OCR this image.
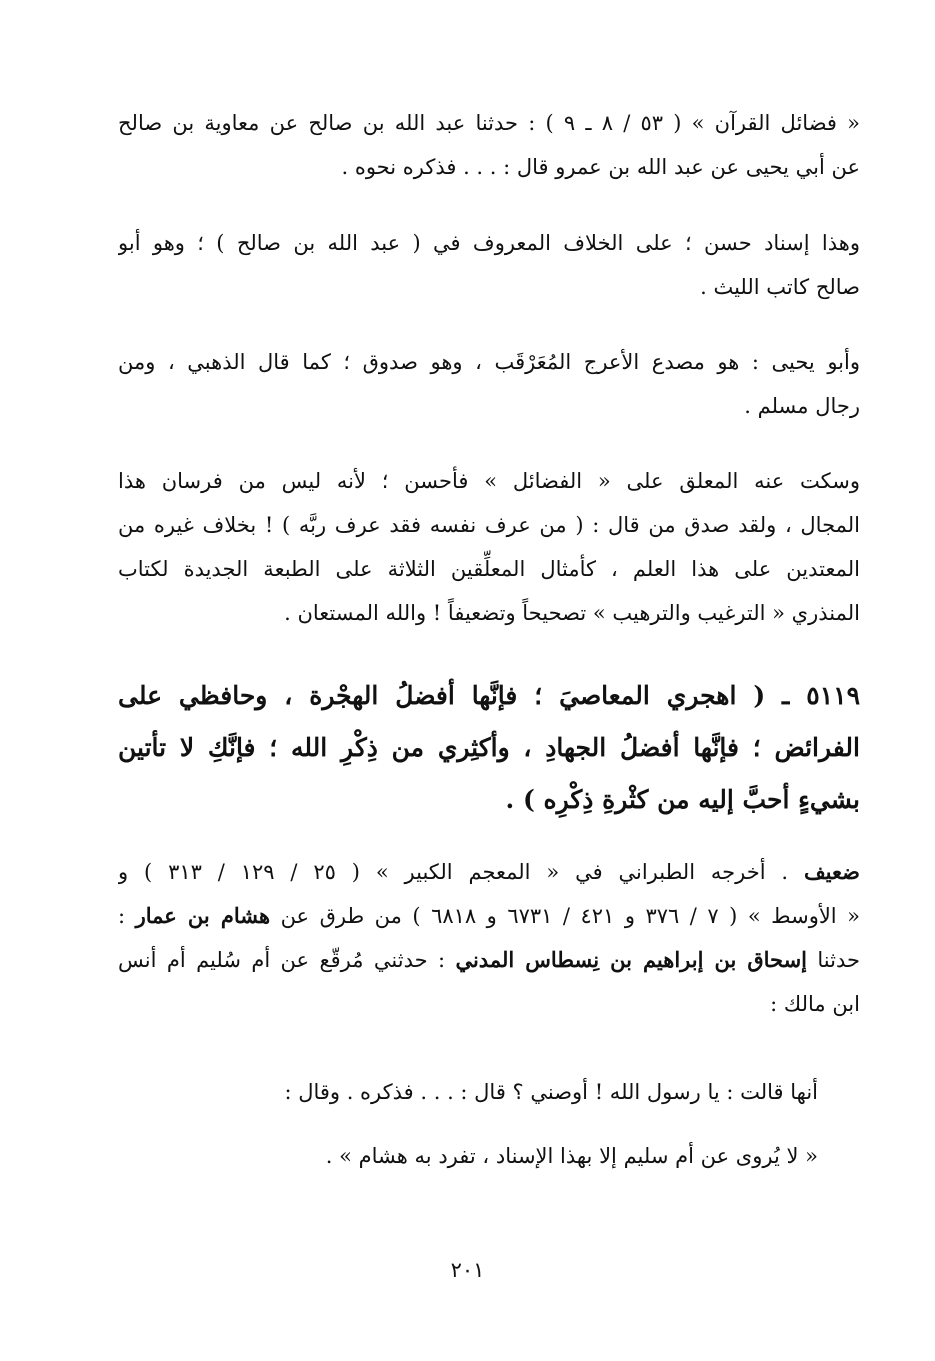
« فضائل القرآن » ( ٥٣ / ٨ ـ ٩ ) : حدثنا عبد الله بن صالح عن معاوية بن صالح
عن أبي يحيى عن عبد الله بن عمرو قال : . . . فذكره نحوه .
وهذا إسناد حسن ؛ على الخلاف المعروف في ( عبد الله بن صالح ) ؛ وهو أبو
صالح كاتب الليث .
وأبو يحيى : هو مصدع الأعرج المُعَرْقَب ، وهو صدوق ؛ كما قال الذهبي ، ومن
رجال مسلم .
وسكت عنه المعلق على « الفضائل » فأحسن ؛ لأنه ليس من فرسان هذا
المجال ، ولقد صدق من قال : ( من عرف نفسه فقد عرف ربَّه ) ! بخلاف غيره من
المعتدين على هذا العلم ، كأمثال المعلِّقين الثلاثة على الطبعة الجديدة لكتاب
المنذري « الترغيب والترهيب » تصحيحاً وتضعيفاً ! والله المستعان .
٥١١٩ ـ ( اهجري المعاصيَ ؛ فإنَّها أفضلُ الهجْرة ، وحافظي على
الفرائض ؛ فإنَّها أفضلُ الجهادِ ، وأكثِري من ذِكْرِ الله ؛ فإنَّكِ لا تأتين
بشيءٍ أحبَّ إليه من كثْرةِ ذِكْرِه ) .
ضعيف . أخرجه الطبراني في « المعجم الكبير » ( ٢٥ / ١٢٩ / ٣١٣ ) و
« الأوسط » ( ٧ / ٣٧٦ و ٤٢١ / ٦٧٣١ و ٦٨١٨ ) من طرق عن هشام بن عمار :
حدثنا إسحاق بن إبراهيم بن نِسطاس المدني : حدثني مُرقّع عن أم سُليم أم أنس
ابن مالك :
أنها قالت : يا رسول الله ! أوصني ؟ قال : . . . فذكره . وقال :
« لا يُروى عن أم سليم إلا بهذا الإسناد ، تفرد به هشام » .
٢٠١
